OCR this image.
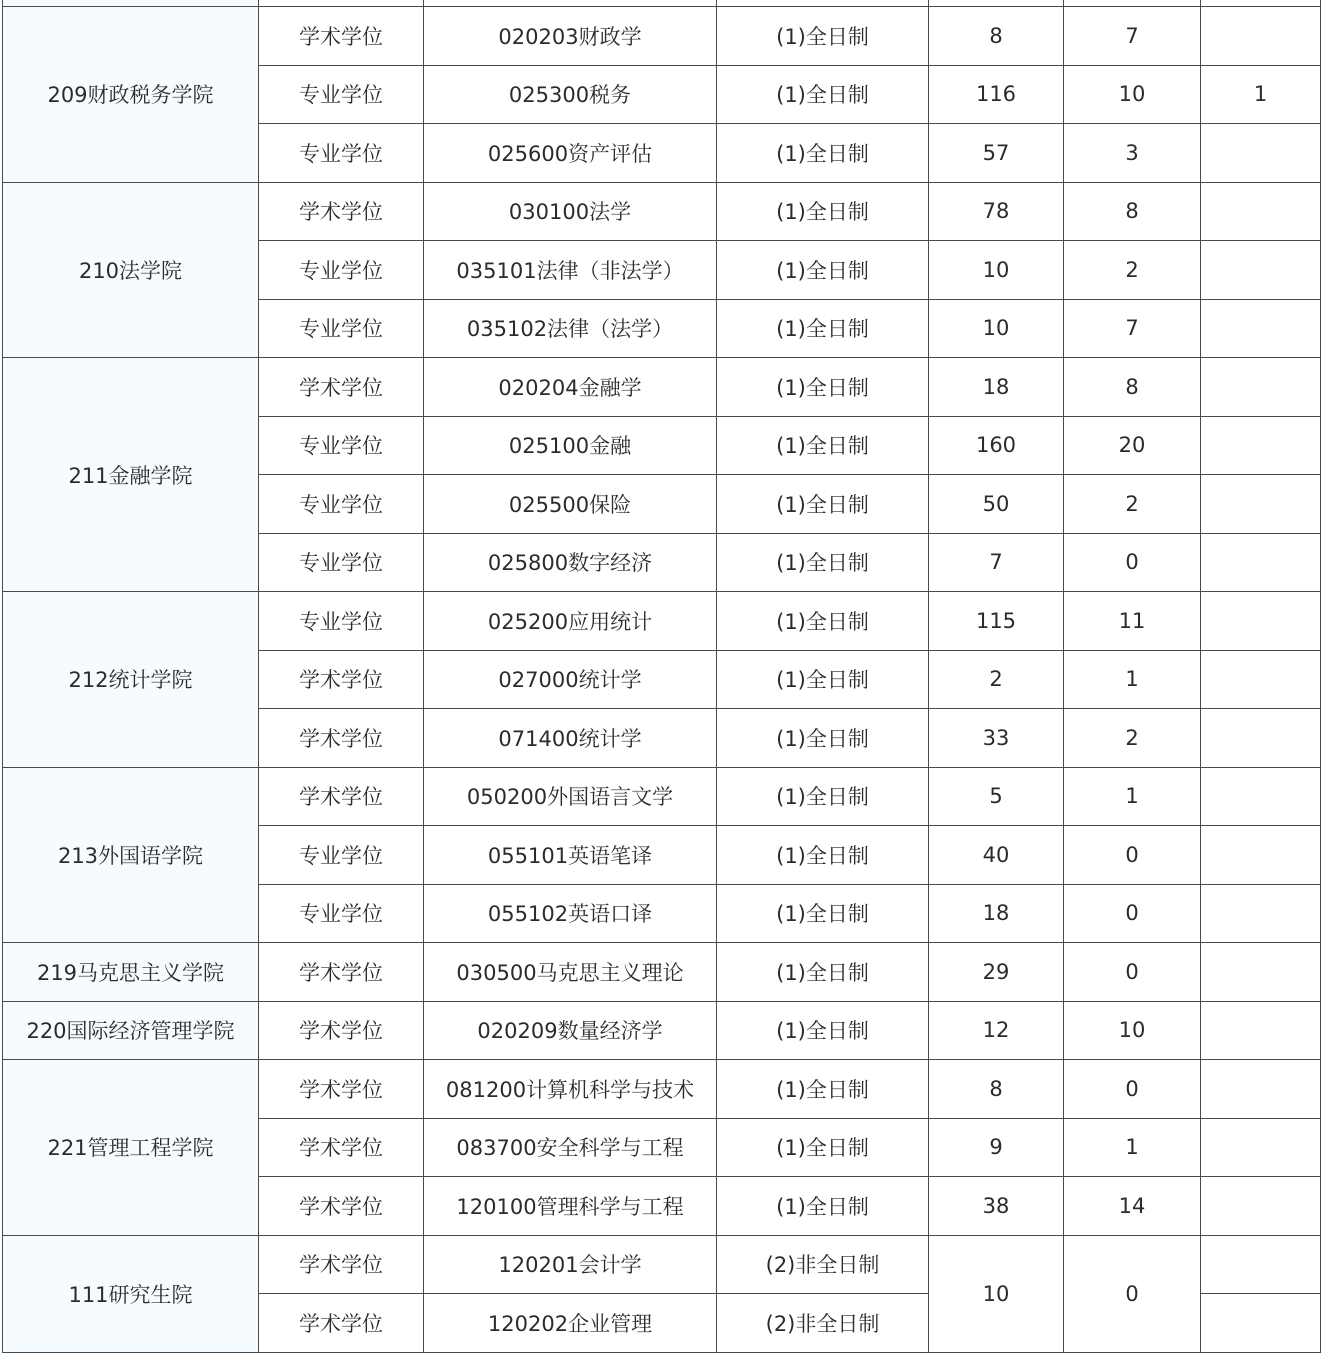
209财政税务学院	学术学位	020203财政学	(1)全日制	8	7	
	专业学位	025300税务	(1)全日制	116	10	1
	专业学位	025600资产评估	(1)全日制	57	3	
210法学院	学术学位	030100法学	(1)全日制	78	8	
	专业学位	035101法律（非法学）	(1)全日制	10	2	
	专业学位	035102法律（法学）	(1)全日制	10	7	
211金融学院	学术学位	020204金融学	(1)全日制	18	8	
	专业学位	025100金融	(1)全日制	160	20	
	专业学位	025500保险	(1)全日制	50	2	
	专业学位	025800数字经济	(1)全日制	7	0	
212统计学院	专业学位	025200应用统计	(1)全日制	115	11	
	学术学位	027000统计学	(1)全日制	2	1	
	学术学位	071400统计学	(1)全日制	33	2	
213外国语学院	学术学位	050200外国语言文学	(1)全日制	5	1	
	专业学位	055101英语笔译	(1)全日制	40	0	
	专业学位	055102英语口译	(1)全日制	18	0	
219马克思主义学院	学术学位	030500马克思主义理论	(1)全日制	29	0	
220国际经济管理学院	学术学位	020209数量经济学	(1)全日制	12	10	
221管理工程学院	学术学位	081200计算机科学与技术	(1)全日制	8	0	
	学术学位	083700安全科学与工程	(1)全日制	9	1	
	学术学位	120100管理科学与工程	(1)全日制	38	14	
111研究生院	学术学位	120201会计学	(2)非全日制	10	0	
	学术学位	120202企业管理	(2)非全日制			
